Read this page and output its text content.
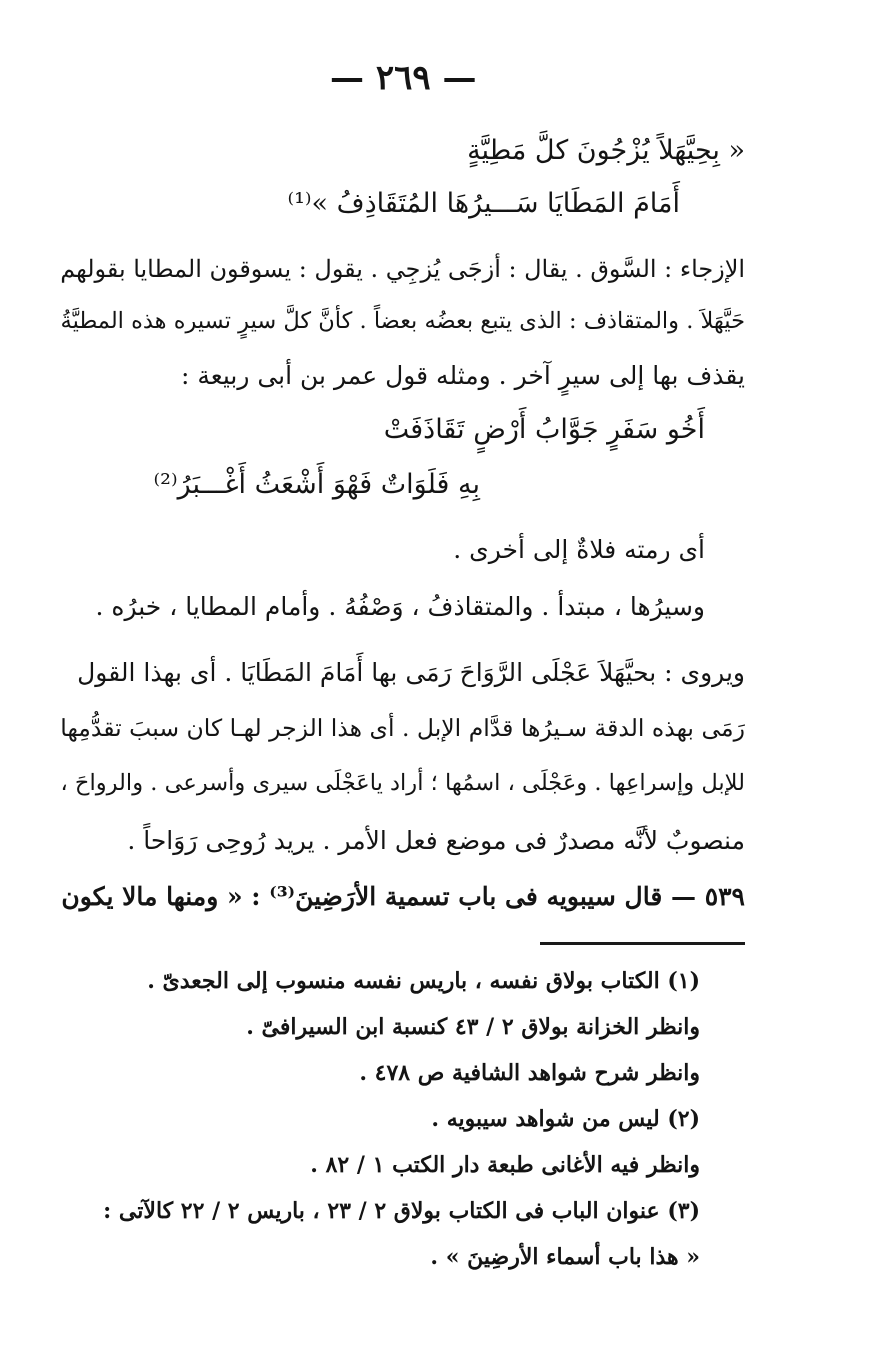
— ٢٦٩ —
« بِحِيَّهَلاً يُزْجُونَ كلَّ مَطِيَّةٍ
أَمَامَ المَطَايَا سَـــيرُهَا المُتَقَاذِفُ »⁽¹⁾
الإزجاء : السَّوق . يقال : أزجَى يُزجِي . يقول : يسوقون المطايا بقولهم
حَيَّهَلاَ . والمتقاذف : الذى يتبع بعضُه بعضاً . كأنَّ كلَّ سيرٍ تسيره هذه المطيَّةُ
يقذف بها إلى سيرٍ آخر . ومثله قول عمر بن أبى ربيعة :
أَخُو سَفَرٍ جَوَّابُ أَرْضٍ تَقَاذَفَتْ
بِهِ فَلَوَاتٌ فَهْوَ أَشْعَثُ أَغْـــبَرُ⁽²⁾
أى رمته فلاةٌ إلى أخرى .
وسيرُها ، مبتدأ . والمتقاذفُ ، وَصْفُهُ . وأمام المطايا ، خبرُه .
ويروى : بحيَّهَلاَ عَجْلَى الرَّوَاحَ رَمَى بها أَمَامَ المَطَايَا . أى بهذا القول
رَمَى بهذه الدقة سـيرُها قدَّام الإبل . أى هذا الزجر لهـا كان سببَ تقدُّمِها
للإبل وإسراعِها . وعَجْلَى ، اسمُها ؛ أراد ياعَجْلَى سيرى وأسرعى . والرواحَ ،
منصوبٌ لأنَّه مصدرٌ فى موضع فعل الأمر . يريد رُوحِى رَوَاحاً .
٥٣٩ — قال سيبويه فى باب تسمية الأرَضِينَ⁽³⁾ : « ومنها مالا يكون
(١) الكتاب بولاق نفسه ، باريس نفسه منسوب إلى الجعدىّ .
وانظر الخزانة بولاق ٢ / ٤٣ كنسبة ابن السيرافىّ .
وانظر شرح شواهد الشافية ص ٤٧٨ .
(٢) ليس من شواهد سيبويه .
وانظر فيه الأغانى طبعة دار الكتب ١ / ٨٢ .
(٣) عنوان الباب فى الكتاب بولاق ٢ / ٢٣ ، باريس ٢ / ٢٢ كالآتى :
« هذا باب أسماء الأرضِينَ » .
